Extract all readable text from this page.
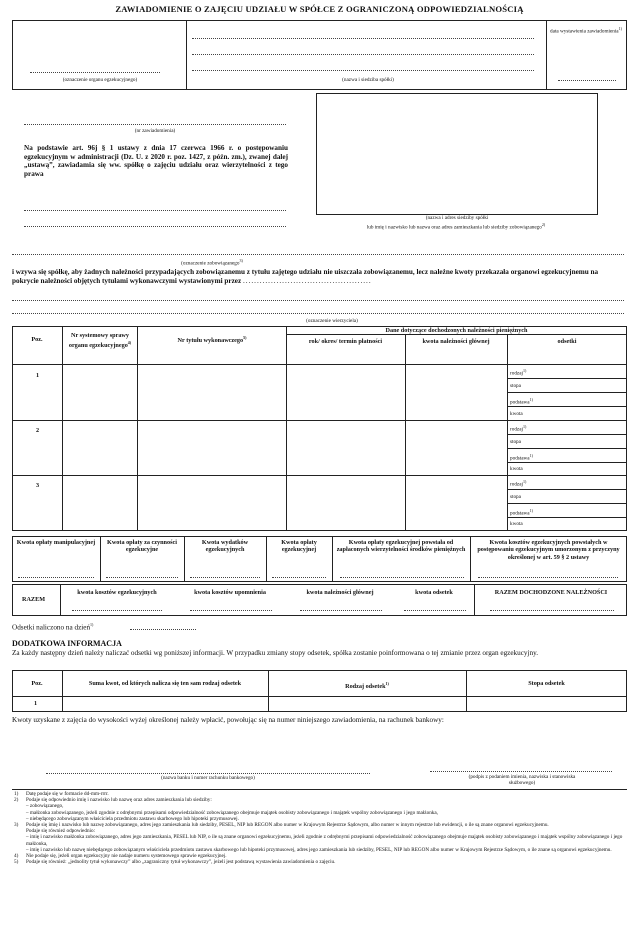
ZAWIADOMIENIE O ZAJĘCIU UDZIAŁU W SPÓŁCE Z OGRANICZONĄ ODPOWIEDZIALNOŚCIĄ
(oznaczenie organu egzekucyjnego)	(nazwa i siedziba spółki)
data wystawienia zawiadomienia$^{1)}$
(nr zawiadomienia)
Na podstawie art. 96j § 1 ustawy z dnia 17 czerwca 1966 r. o postępowaniu egzekucyjnym w administracji (Dz. U. z 2020 r. poz. 1427, z późn. zm.), zwanej dalej „ustawą”, zawiadamia się ww. spółkę o zajęciu udziału oraz wierzytelności z tego prawa
(nazwa i adres siedziby spółki
lub imię i nazwisko lub nazwa oraz adres zamieszkania lub siedziby zobowiązanego$^{2)}$
(oznaczenie zobowiązanego$^{3)}$
i wzywa się spółkę, aby żadnych należności przypadających zobowiązanemu z tytułu zajętego udziału nie uiszczała zobowiązanemu, lecz należne kwoty przekazała organowi egzekucyjnemu na pokrycie należności objętych tytułami wykonawczymi wystawionymi przez ..............................................
(oznaczenie wierzyciela)
Poz.
Nr systemowy sprawy organu egzekucyjnego$^{4)}$	Nr tytułu wykonawczego$^{5)}$
Dane dotyczące dochodzonych należności pieniężnych
rok/ okres/ termin płatności	kwota należności głównej	odsetki
1	rodzaj$^{1)}$
stopa
podstawa$^{1)}$
kwota
2	rodzaj$^{1)}$
stopa
podstawa$^{1)}$
kwota
3	rodzaj$^{1)}$
stopa
podstawa$^{1)}$
kwota
Kwota opłaty manipulacyjnej	Kwota opłaty za czynności egzekucyjne
Kwota wydatków egzekucyjnych
Kwota opłaty egzekucyjnej
Kwota opłaty egzekucyjnej powstała od zapłaconych wierzytelności środków pieniężnych
Kwota kosztów egzekucyjnych powstałych w postępowaniu egzekucyjnym umorzonym z przyczyny określonej w art. 59 § 2 ustawy
RAZEM
kwota kosztów egzekucyjnych	kwota kosztów upomnienia	kwota należności głównej	kwota odsetek	RAZEM DOCHODZONE NALEŻNOŚCI
Odsetki naliczono na dzień$^{1)}$
DODATKOWA INFORMACJA
Za każdy następny dzień należy naliczać odsetki wg poniższej informacji. W przypadku zmiany stopy odsetek, spółka zostanie poinformowana o tej zmianie przez organ egzekucyjny.
Poz.	Suma kwot, od których nalicza się ten sam rodzaj odsetek	Rodzaj odsetek$^{1)}$	Stopa odsetek
1
Kwoty uzyskane z zajęcia do wysokości wyżej określonej należy wpłacić, powołując się na numer niniejszego zawiadomienia, na rachunek bankowy:
(nazwa banku i numer rachunku bankowego)	(podpis z podaniem imienia, nazwiska i stanowiska służbowego)
1)	Datę podaje się w formacie dd-mm-rrrr.
2)	Podaje się odpowiednio imię i nazwisko lub nazwę oraz adres zamieszkania lub siedziby:
– zobowiązanego,
– małżonka zobowiązanego, jeżeli zgodnie z odrębnymi przepisami odpowiedzialność zobowiązanego obejmuje majątek osobisty zobowiązanego i majątek wspólny zobowiązanego i jego małżonka,
– niebędącego zobowiązanym właściciela przedmiotu zastawu skarbowego lub hipoteki przymusowej.
3)	Podaje się imię i nazwisko lub nazwę zobowiązanego, adres jego zamieszkania lub siedziby, PESEL, NIP lub REGON albo numer w Krajowym Rejestrze Sądowym, albo numer w innym rejestrze lub ewidencji, o ile są znane organowi egzekucyjnemu.
Podaje się również odpowiednio:
– imię i nazwisko małżonka zobowiązanego, adres jego zamieszkania, PESEL lub NIP, o ile są znane organowi egzekucyjnemu, jeżeli zgodnie z odrębnymi przepisami odpowiedzialność zobowiązanego obejmuje majątek osobisty zobowiązanego i majątek wspólny zobowiązanego i jego małżonka,
– imię i nazwisko lub nazwę niebędącego zobowiązanym właściciela przedmiotu zastawu skarbowego lub hipoteki przymusowej, adres jego zamieszkania lub siedziby, PESEL, NIP lub REGON albo numer w Krajowym Rejestrze Sądowym, o ile znane są organowi egzekucyjnemu.
4)	Nie podaje się, jeżeli organ egzekucyjny nie nadaje numeru systemowego sprawie egzekucyjnej.
5)	Podaje się również: „jednolity tytuł wykonawczy” albo „zagraniczny tytuł wykonawczy”, jeżeli jest podstawą wystawienia zawiadomienia o zajęciu.
